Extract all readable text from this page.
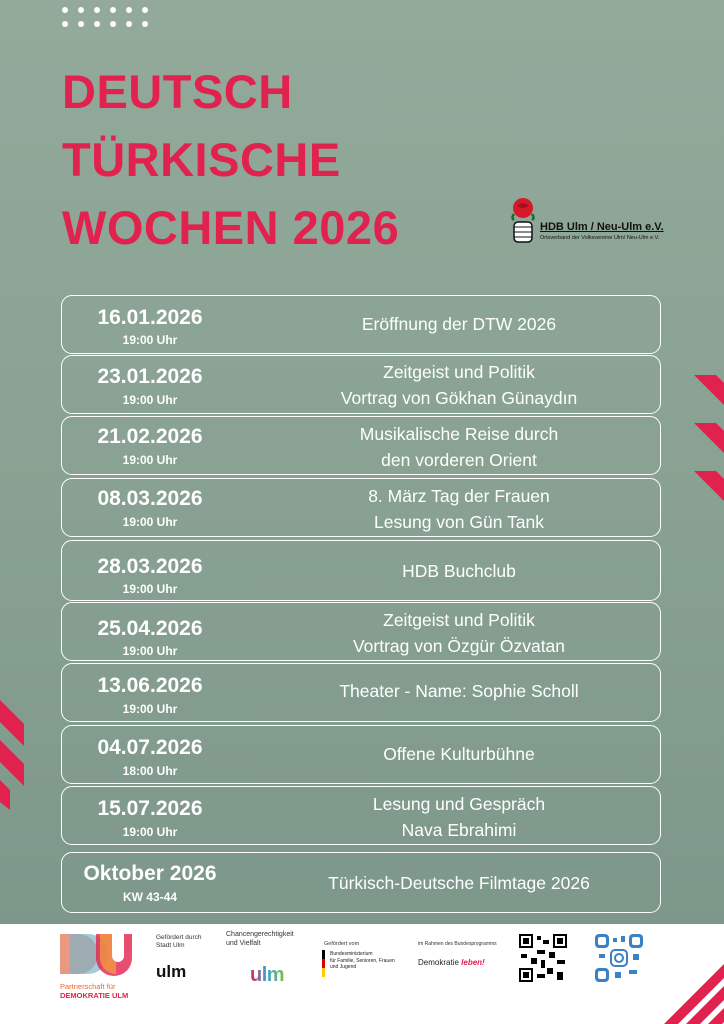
DEUTSCH
TÜRKISCHE
WOCHEN 2026	HDB Ulm / Neu-Ulm e.V.
Ortsverband der Volksvereine Ulm/ Neu-Ulm e.V.
16.01.2026
19:00 Uhr
Eröffnung der DTW 2026
23.01.2026
19:00 Uhr
Zeitgeist und Politik
Vortrag von Gökhan Günaydın
21.02.2026
19:00 Uhr
Musikalische Reise durch
den vorderen Orient
08.03.2026
19:00 Uhr
8. März Tag der Frauen
Lesung von Gün Tank
28.03.2026
19:00 Uhr
HDB Buchclub
25.04.2026
19:00 Uhr
Zeitgeist und Politik
Vortrag von Özgür Özvatan
13.06.2026
19:00 Uhr
Theater - Name: Sophie Scholl
04.07.2026
18:00 Uhr
Offene Kulturbühne
15.07.2026
19:00 Uhr
Lesung und Gespräch
Nava Ebrahimi
Oktober 2026
KW 43-44
Türkisch-Deutsche Filmtage 2026
Partnerschaft für
DEMOKRATIE ULM
Gefördert durch
Stadt Ulm
ulm
Chancengerechtigkeit
und Vielfalt
ulm
Gefördert vom
Bundesministerium
für Familie, Senioren, Frauen
und Jugend
im Rahmen des Bundesprogramms
Demokratie leben!
